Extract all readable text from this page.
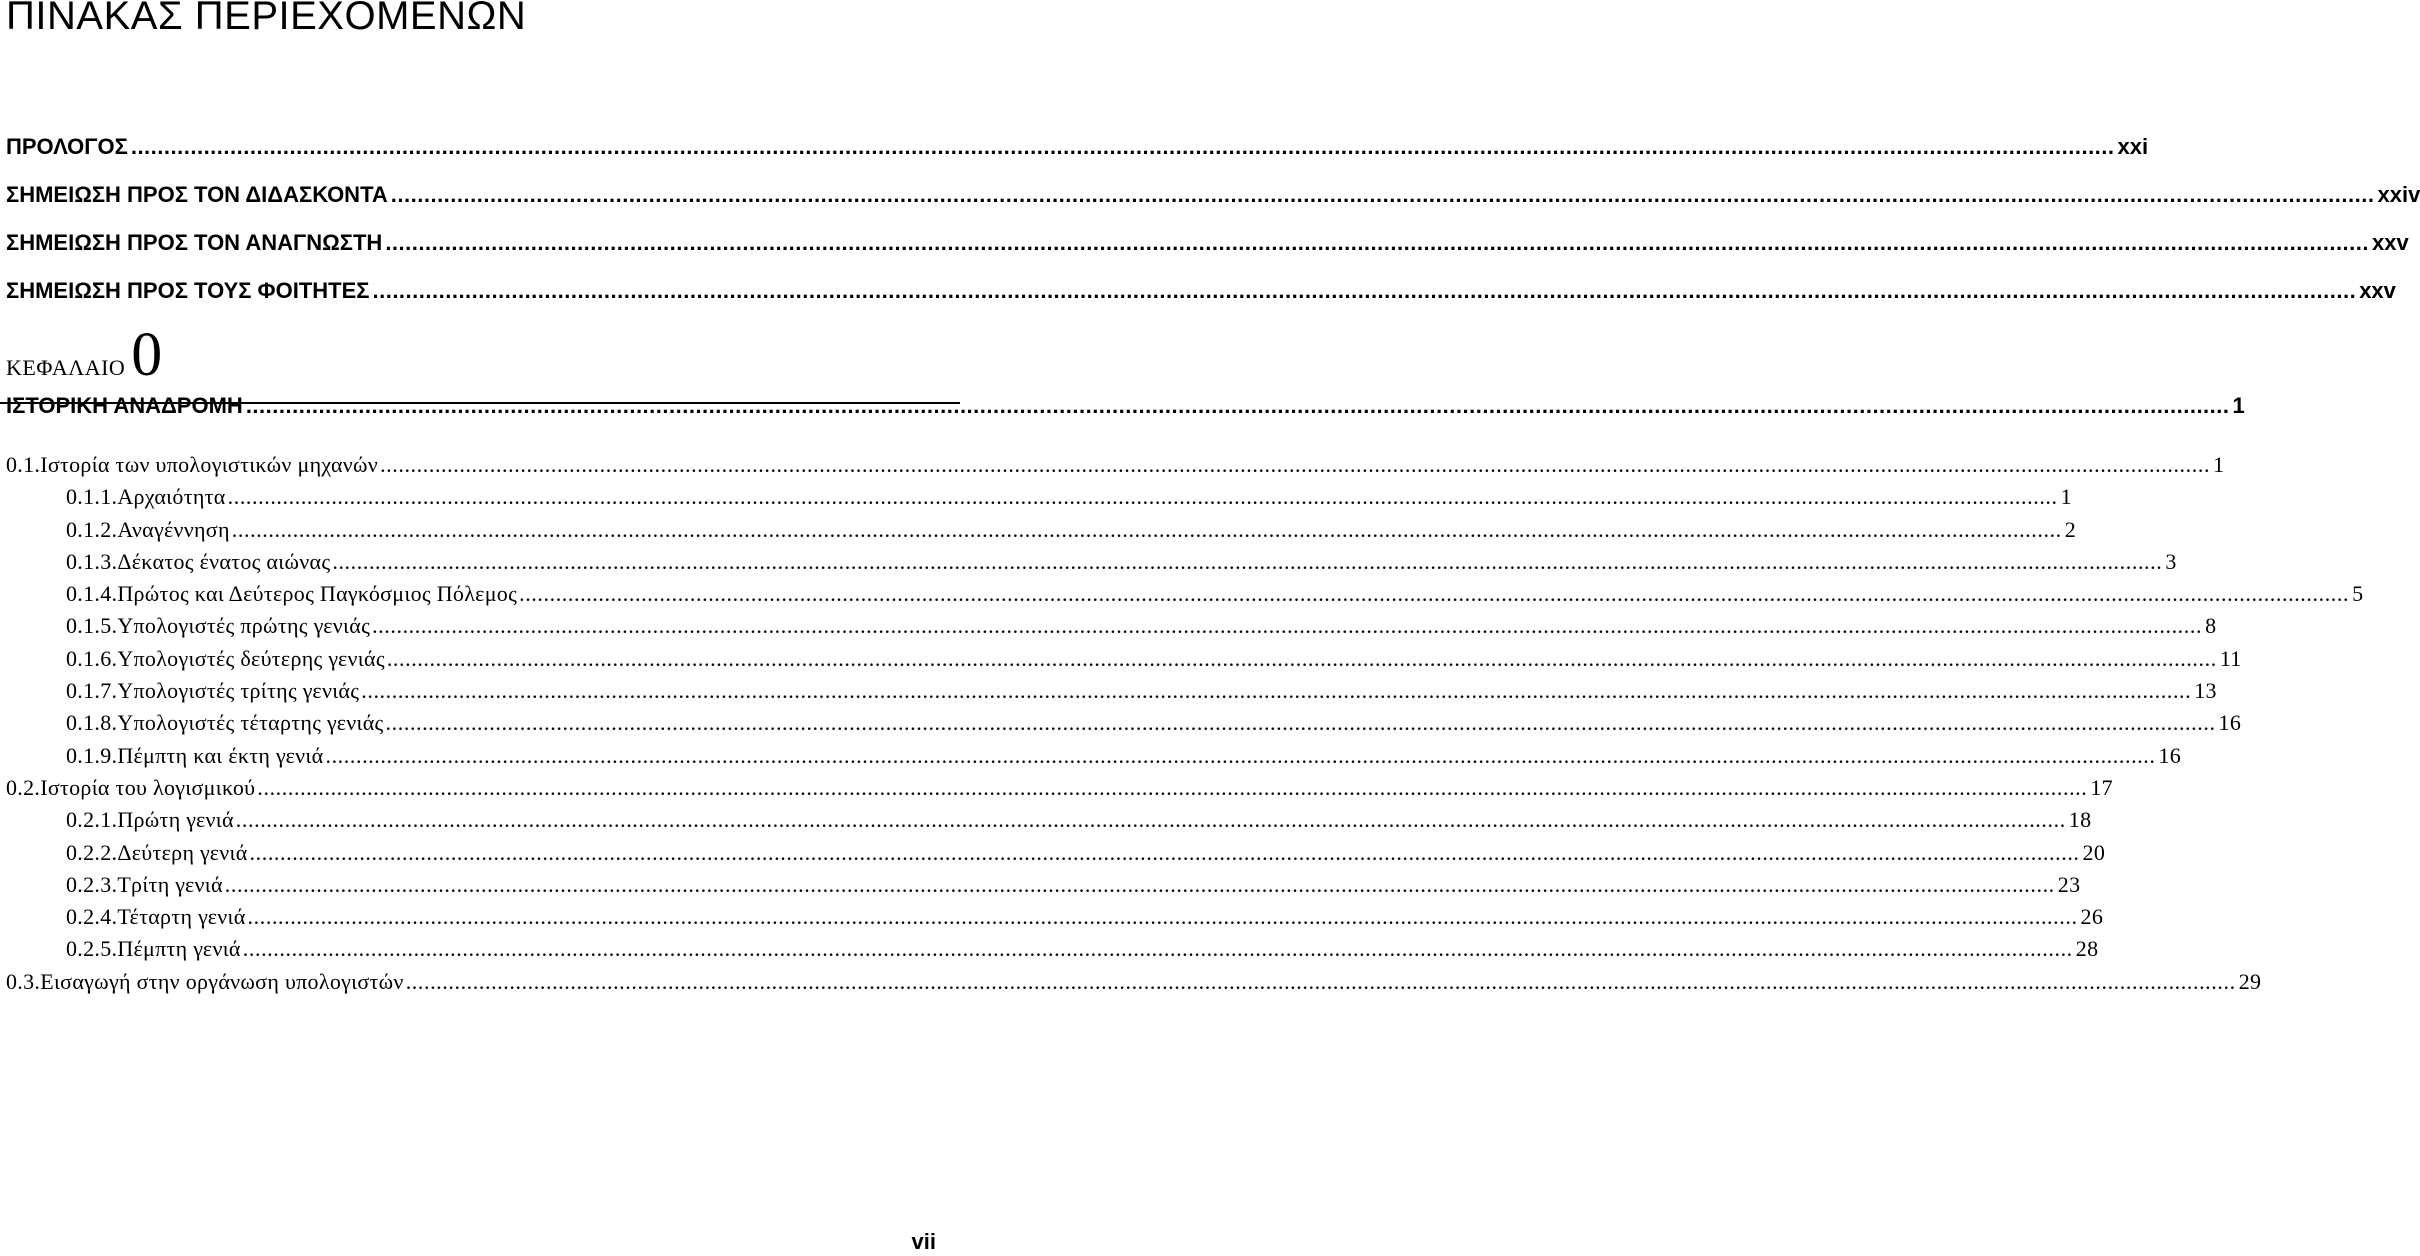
ΠΙΝΑΚΑΣ ΠΕΡΙΕΧΟΜΕΝΩΝ
ΠΡΟΛΟΓΟΣ ............................................................................................................................................................................................................................................................................................................ xxi
ΣΗΜΕΙΩΣΗ ΠΡΟΣ ΤΟΝ ΔΙΔΑΣΚΟΝΤΑ ............................................................................................................................................................................................................................................................................................................ xxiv
ΣΗΜΕΙΩΣΗ ΠΡΟΣ ΤΟΝ ΑΝΑΓΝΩΣΤΗ ............................................................................................................................................................................................................................................................................................................ xxv
ΣΗΜΕΙΩΣΗ ΠΡΟΣ ΤΟΥΣ ΦΟΙΤΗΤΕΣ ............................................................................................................................................................................................................................................................................................................ xxv
ΚΕΦΑΛΑΙΟ0
ΙΣΤΟΡΙΚΗ ΑΝΑΔΡΟΜΗ ............................................................................................................................................................................................................................................................................................................ 1
0.1. Ιστορία των υπολογιστικών μηχανών ............................................................................................................................................................................................................................................................................................................ 1
0.1.1. Αρχαιότητα ............................................................................................................................................................................................................................................................................................................ 1
0.1.2. Αναγέννηση ............................................................................................................................................................................................................................................................................................................ 2
0.1.3. Δέκατος ένατος αιώνας ............................................................................................................................................................................................................................................................................................................ 3
0.1.4. Πρώτος και Δεύτερος Παγκόσμιος Πόλεμος ............................................................................................................................................................................................................................................................................................................ 5
0.1.5. Υπολογιστές πρώτης γενιάς ............................................................................................................................................................................................................................................................................................................ 8
0.1.6. Υπολογιστές δεύτερης γενιάς ............................................................................................................................................................................................................................................................................................................ 11
0.1.7. Υπολογιστές τρίτης γενιάς ............................................................................................................................................................................................................................................................................................................ 13
0.1.8. Υπολογιστές τέταρτης γενιάς ............................................................................................................................................................................................................................................................................................................ 16
0.1.9. Πέμπτη και έκτη γενιά ............................................................................................................................................................................................................................................................................................................ 16
0.2. Ιστορία του λογισμικού ............................................................................................................................................................................................................................................................................................................ 17
0.2.1. Πρώτη γενιά ............................................................................................................................................................................................................................................................................................................ 18
0.2.2. Δεύτερη γενιά ............................................................................................................................................................................................................................................................................................................ 20
0.2.3. Τρίτη γενιά ............................................................................................................................................................................................................................................................................................................ 23
0.2.4. Τέταρτη γενιά ............................................................................................................................................................................................................................................................................................................ 26
0.2.5. Πέμπτη γενιά ............................................................................................................................................................................................................................................................................................................ 28
0.3. Εισαγωγή στην οργάνωση υπολογιστών ............................................................................................................................................................................................................................................................................................................ 29
vii
